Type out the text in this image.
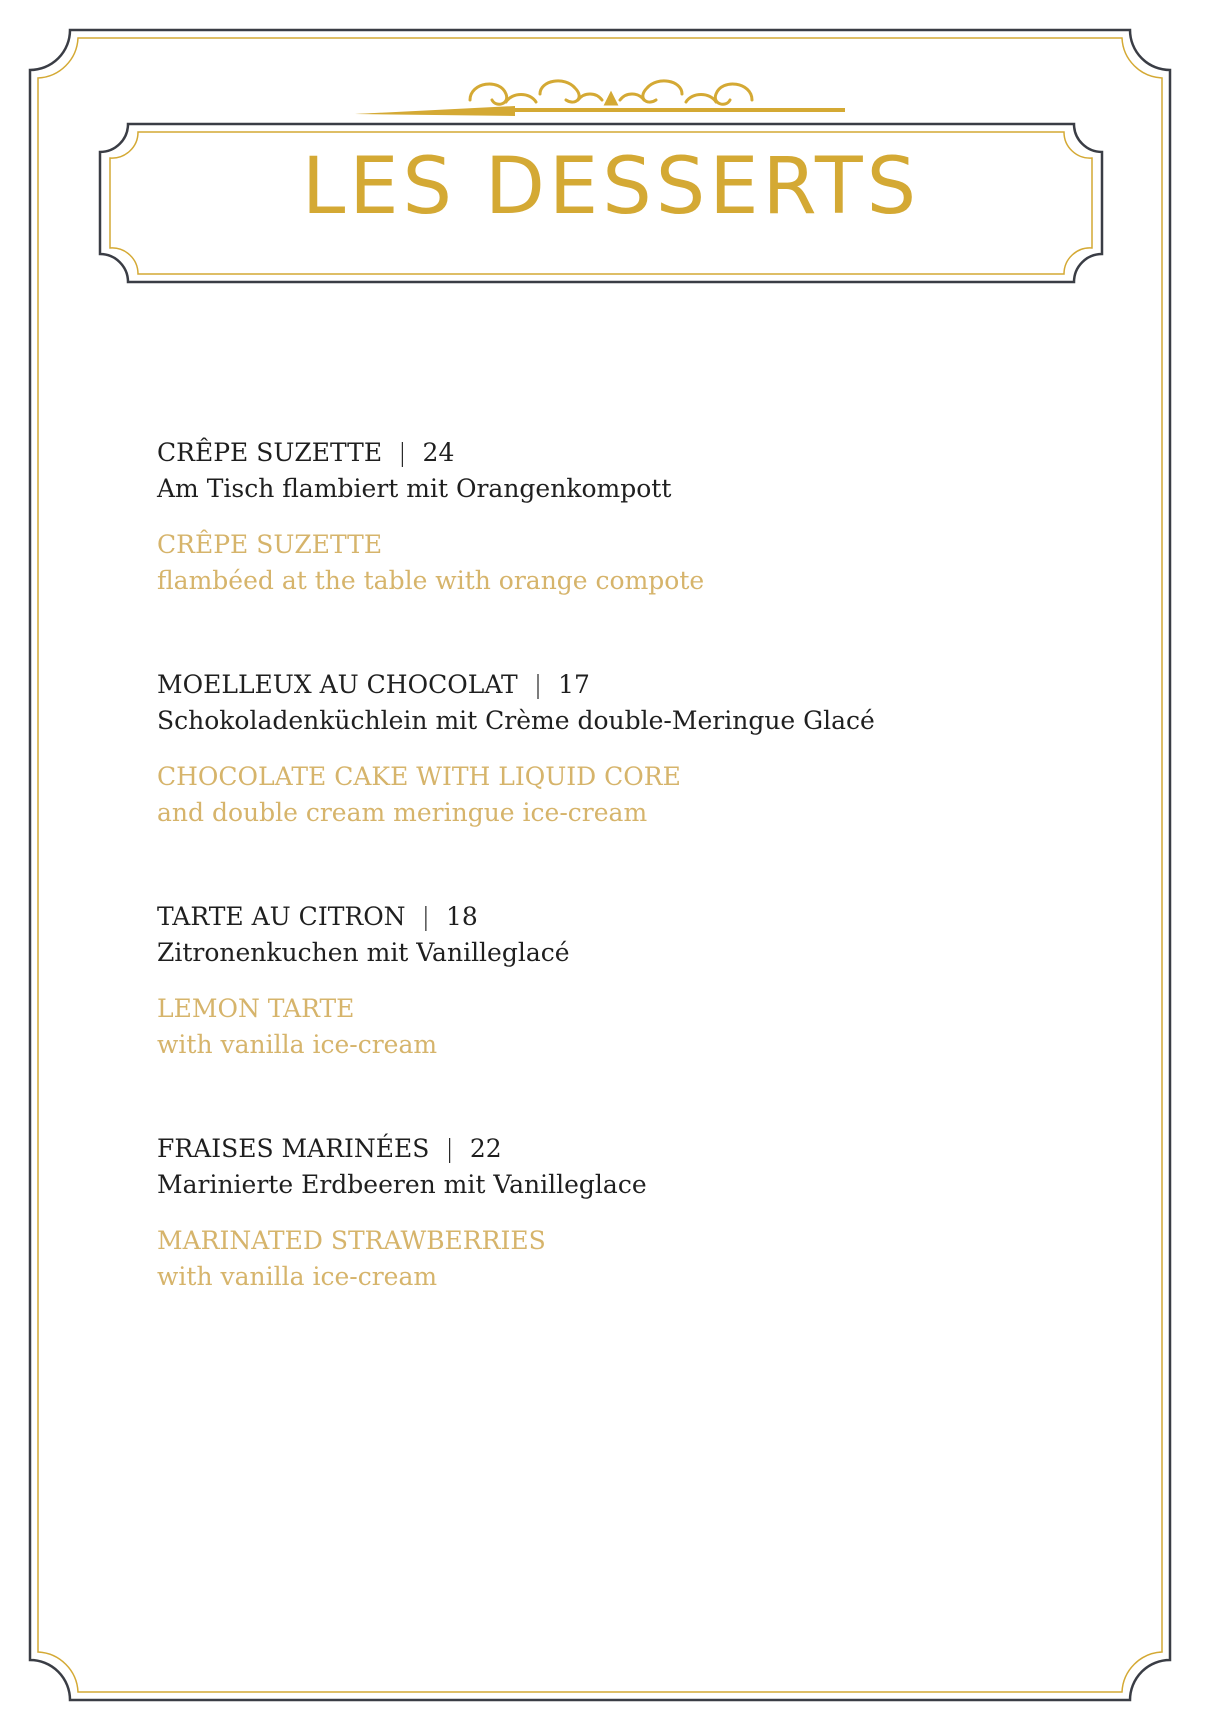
LES DESSERTS
CRÊPE SUZETTE | 24
Am Tisch flambiert mit Orangenkompott
CRÊPE SUZETTE
flambéed at the table with orange compote
MOELLEUX AU CHOCOLAT | 17
Schokoladenküchlein mit Crème double-Meringue Glacé
CHOCOLATE CAKE WITH LIQUID CORE
and double cream meringue ice-cream
TARTE AU CITRON | 18
Zitronenkuchen mit Vanilleglacé
LEMON TARTE
with vanilla ice-cream
FRAISES MARINÉES | 22
Marinierte Erdbeeren mit Vanilleglace
MARINATED STRAWBERRIES
with vanilla ice-cream
